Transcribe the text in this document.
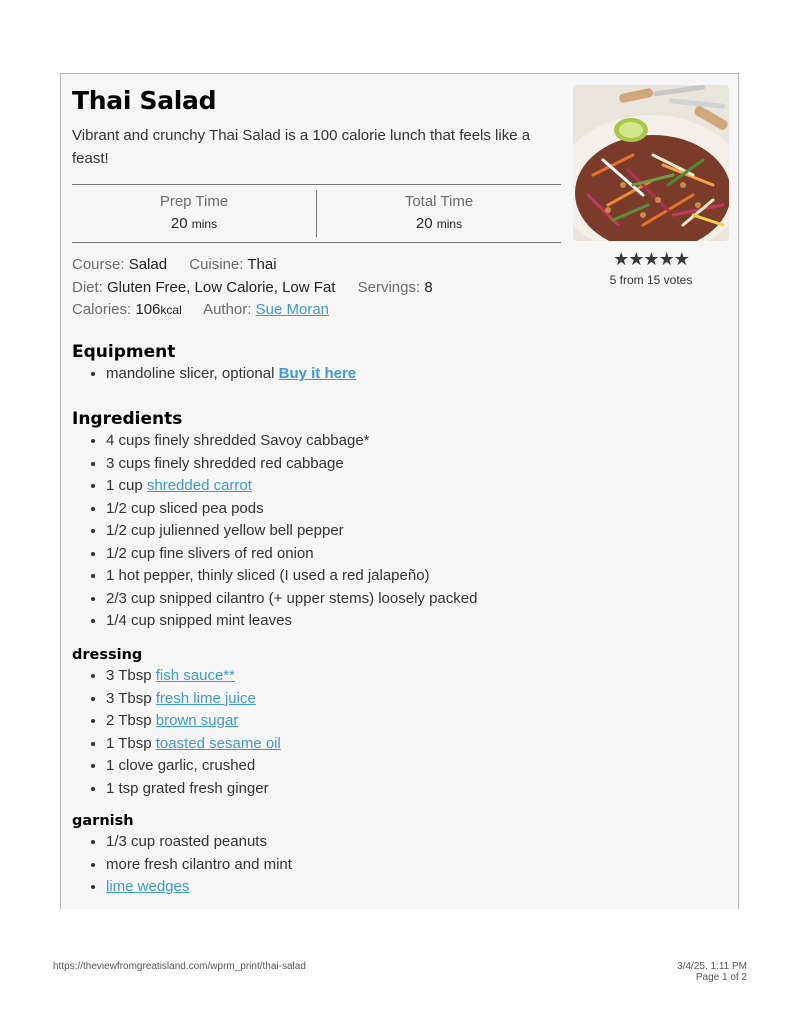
Thai Salad
Vibrant and crunchy Thai Salad is a 100 calorie lunch that feels like a feast!
Prep Time
20 mins
Total Time
20 mins
Course: Salad Cuisine: Thai
Diet: Gluten Free, Low Calorie, Low Fat Servings: 8
Calories: 106kcal Author: Sue Moran
★★★★★
5 from 15 votes
Equipment
• mandoline slicer, optional Buy it here
Ingredients
• 4 cups finely shredded Savoy cabbage*
• 3 cups finely shredded red cabbage
• 1 cup shredded carrot
• 1/2 cup sliced pea pods
• 1/2 cup julienned yellow bell pepper
• 1/2 cup fine slivers of red onion
• 1 hot pepper, thinly sliced (I used a red jalapeño)
• 2/3 cup snipped cilantro (+ upper stems) loosely packed
• 1/4 cup snipped mint leaves
dressing
• 3 Tbsp fish sauce**
• 3 Tbsp fresh lime juice
• 2 Tbsp brown sugar
• 1 Tbsp toasted sesame oil
• 1 clove garlic, crushed
• 1 tsp grated fresh ginger
garnish
• 1/3 cup roasted peanuts
• more fresh cilantro and mint
• lime wedges
https://theviewfromgreatisland.com/wprm_print/thai-salad	3/4/25, 1:11 PM
Page 1 of 2
